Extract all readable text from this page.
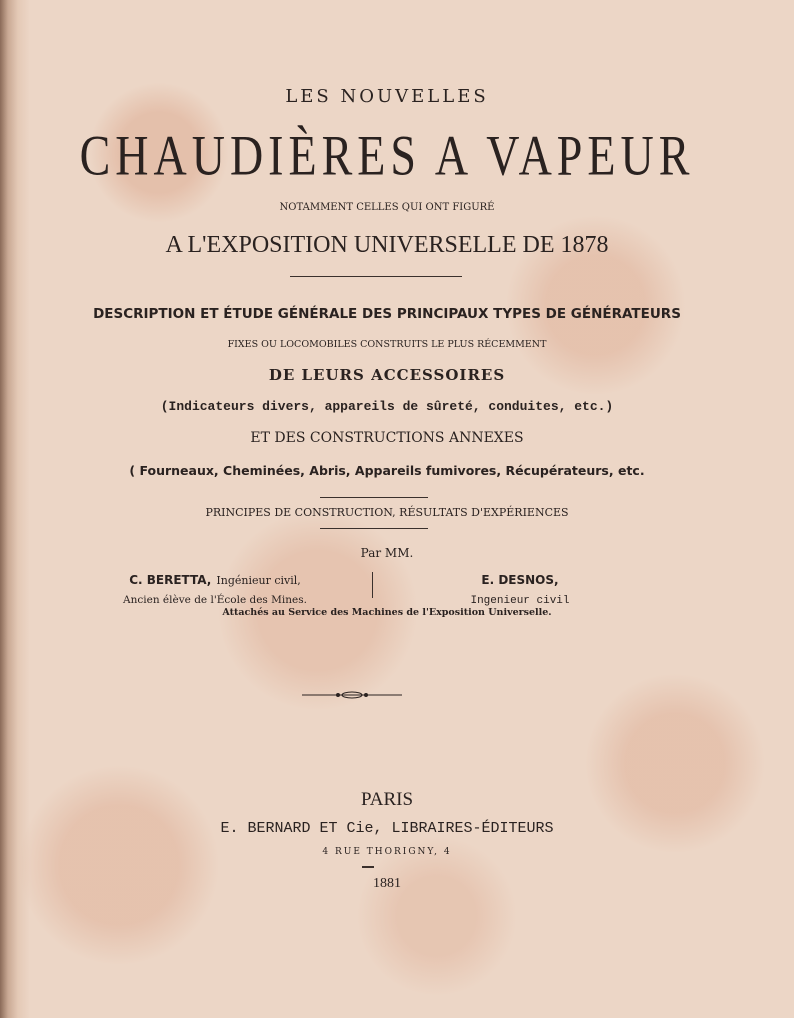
LES NOUVELLES
CHAUDIÈRES A VAPEUR
NOTAMMENT CELLES QUI ONT FIGURÉ
A L'EXPOSITION UNIVERSELLE DE 1878
DESCRIPTION ET ÉTUDE GÉNÉRALE DES PRINCIPAUX TYPES DE GÉNÉRATEURS
FIXES OU LOCOMOBILES CONSTRUITS LE PLUS RÉCEMMENT
DE LEURS ACCESSOIRES
(Indicateurs divers, appareils de sûreté, conduites, etc.)
ET DES CONSTRUCTIONS ANNEXES
( Fourneaux, Cheminées, Abris, Appareils fumivores, Récupérateurs, etc.
PRINCIPES DE CONSTRUCTION, RÉSULTATS D'EXPÉRIENCES
Par MM.
C. BERETTA, Ingénieur civil,
Ancien élève de l'École des Mines.
E. DESNOS,
Ingenieur civil
Attachés au Service des Machines de l'Exposition Universelle.
PARIS
E. BERNARD ET Cie, LIBRAIRES-ÉDITEURS
4 RUE THORIGNY, 4
1881
